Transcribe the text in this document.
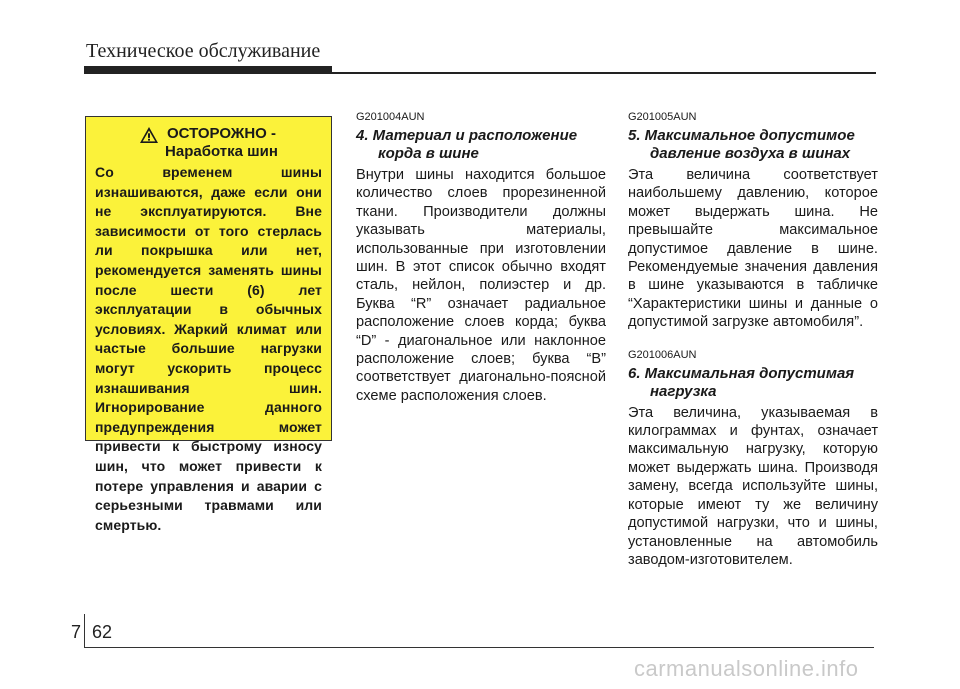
Техническое обслуживание
ОСТОРОЖНО -
Наработка шин
Со временем шины изнашиваются, даже если они не эксплуатируются. Вне зависимости от того стерлась ли покрышка или нет, рекомендуется заменять шины после шести (6) лет эксплуатации в обычных условиях. Жаркий климат или частые большие нагрузки могут ускорить процесс изнашивания шин. Игнорирование данного предупреждения может привести к быстрому износу шин, что может привести к потере управления и аварии с серьезными травмами или смертью.
G201004AUN
4. Материал и расположение корда в шине
Внутри шины находится большое количество слоев прорезиненной ткани. Производители должны указывать материалы, использованные при изготовлении шин. В этот список обычно входят сталь, нейлон, полиэстер и др. Буква “R” означает радиальное расположение слоев корда; буква “D” - диагональное или наклонное расположение слоев; буква “B” соответствует диагонально-поясной схеме расположения слоев.
G201005AUN
5. Максимальное допустимое давление воздуха в шинах
Эта величина соответствует наибольшему давлению, которое может выдержать шина. Не превышайте максимальное допустимое давление в шине. Рекомендуемые значения давления в шине указываются в табличке “Характеристики шины и данные о допустимой загрузке автомобиля”.
G201006AUN
6. Максимальная допустимая нагрузка
Эта величина, указываемая в килограммах и фунтах, означает максимальную нагрузку, которую может выдержать шина. Производя замену, всегда используйте шины, которые имеют ту же величину допустимой нагрузки, что и шины, установленные на автомобиль заводом-изготовителем.
7 62
carmanualsonline.info
